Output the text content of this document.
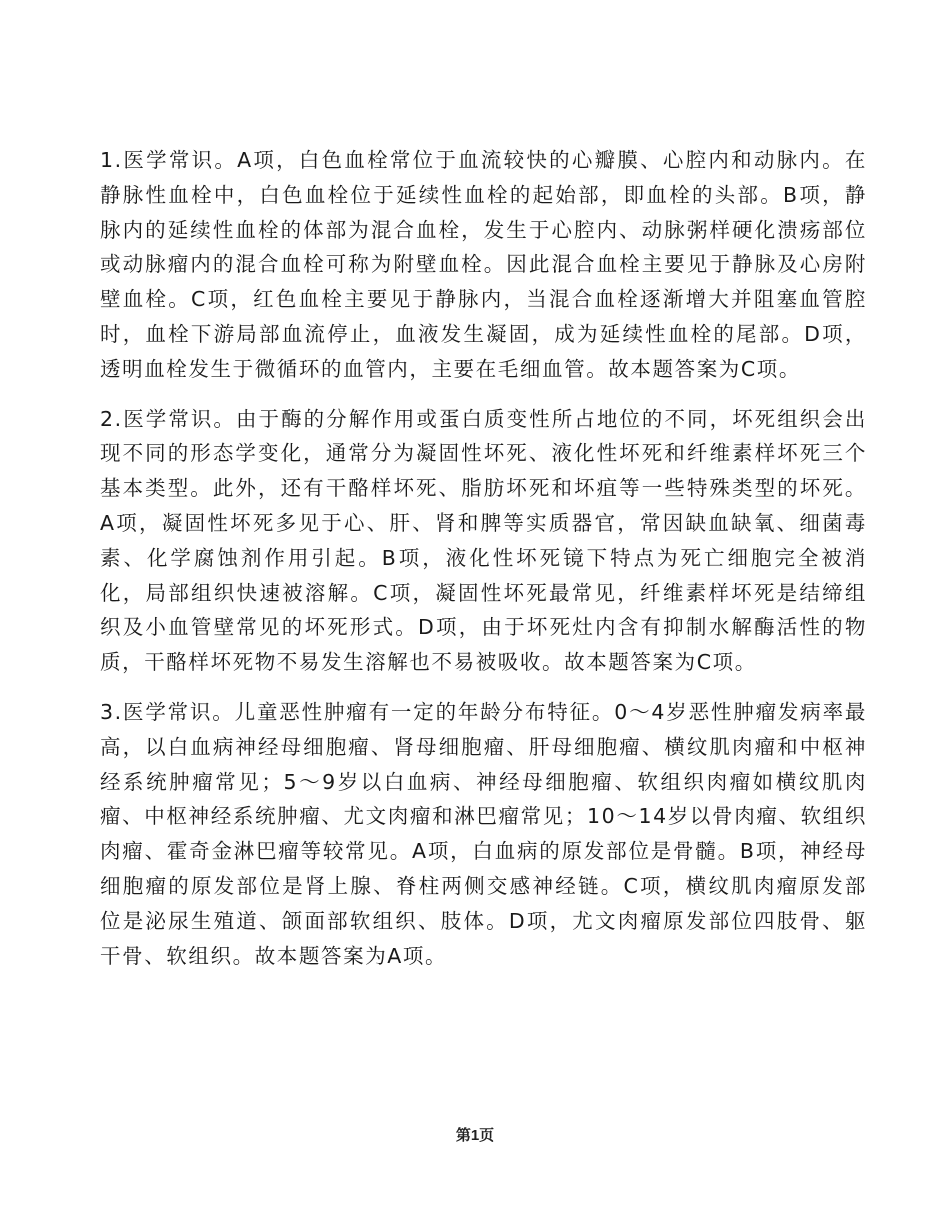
1.医学常识。A项，白色血栓常位于血流较快的心瓣膜、心腔内和动脉内。在静脉性血栓中，白色血栓位于延续性血栓的起始部，即血栓的头部。B项，静脉内的延续性血栓的体部为混合血栓，发生于心腔内、动脉粥样硬化溃疡部位或动脉瘤内的混合血栓可称为附壁血栓。因此混合血栓主要见于静脉及心房附壁血栓。C项，红色血栓主要见于静脉内，当混合血栓逐渐增大并阻塞血管腔时，血栓下游局部血流停止，血液发生凝固，成为延续性血栓的尾部。D项，透明血栓发生于微循环的血管内，主要在毛细血管。故本题答案为C项。

2.医学常识。由于酶的分解作用或蛋白质变性所占地位的不同，坏死组织会出现不同的形态学变化，通常分为凝固性坏死、液化性坏死和纤维素样坏死三个基本类型。此外，还有干酪样坏死、脂肪坏死和坏疽等一些特殊类型的坏死。A项，凝固性坏死多见于心、肝、肾和脾等实质器官，常因缺血缺氧、细菌毒素、化学腐蚀剂作用引起。B项，液化性坏死镜下特点为死亡细胞完全被消化，局部组织快速被溶解。C项，凝固性坏死最常见，纤维素样坏死是结缔组织及小血管壁常见的坏死形式。D项，由于坏死灶内含有抑制水解酶活性的物质，干酪样坏死物不易发生溶解也不易被吸收。故本题答案为C项。

3.医学常识。儿童恶性肿瘤有一定的年龄分布特征。0～4岁恶性肿瘤发病率最高，以白血病神经母细胞瘤、肾母细胞瘤、肝母细胞瘤、横纹肌肉瘤和中枢神经系统肿瘤常见；5～9岁以白血病、神经母细胞瘤、软组织肉瘤如横纹肌肉瘤、中枢神经系统肿瘤、尤文肉瘤和淋巴瘤常见；10～14岁以骨肉瘤、软组织肉瘤、霍奇金淋巴瘤等较常见。A项，白血病的原发部位是骨髓。B项，神经母细胞瘤的原发部位是肾上腺、脊柱两侧交感神经链。C项，横纹肌肉瘤原发部位是泌尿生殖道、颌面部软组织、肢体。D项，尤文肉瘤原发部位四肢骨、躯干骨、软组织。故本题答案为A项。

第1页
